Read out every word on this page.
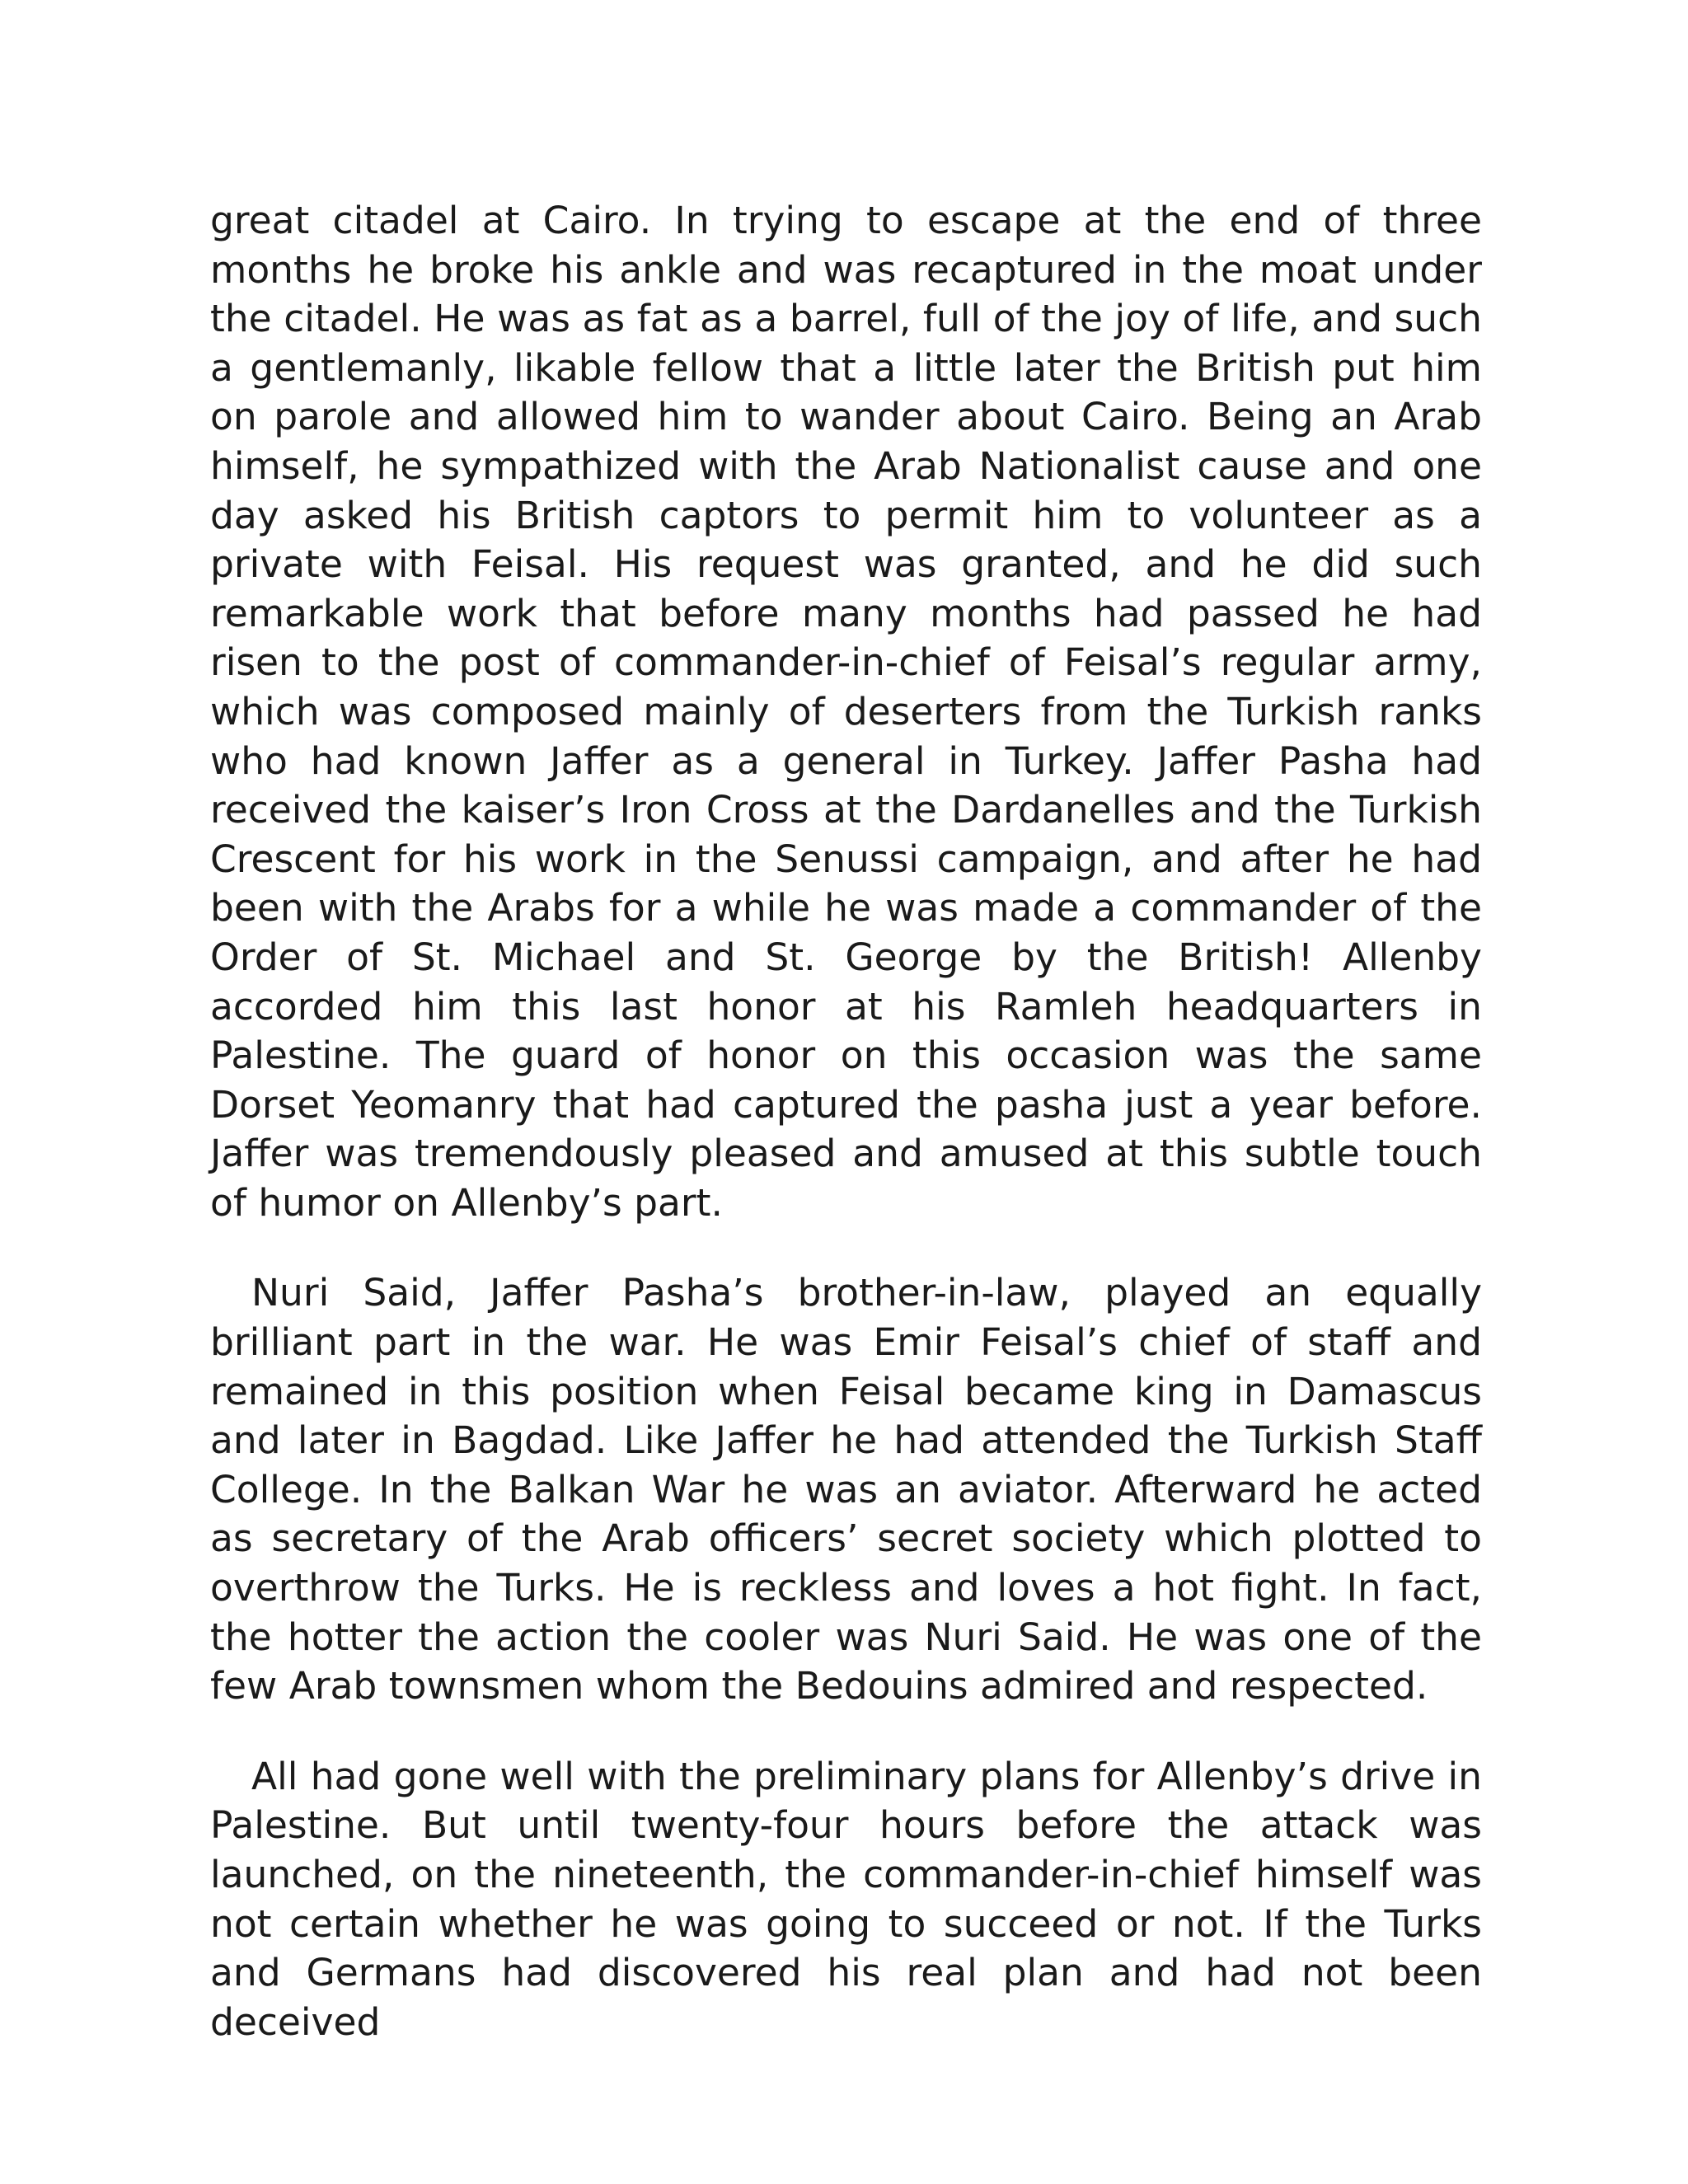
great citadel at Cairo. In trying to escape at the end of three months he broke his ankle and was recaptured in the moat under the citadel. He was as fat as a barrel, full of the joy of life, and such a gentlemanly, likable fellow that a little later the British put him on parole and allowed him to wander about Cairo. Being an Arab himself, he sympathized with the Arab Nationalist cause and one day asked his British captors to permit him to volunteer as a private with Feisal. His request was granted, and he did such remarkable work that before many months had passed he had risen to the post of commander-in-chief of Feisal’s regular army, which was composed mainly of deserters from the Turkish ranks who had known Jaffer as a general in Turkey. Jaffer Pasha had received the kaiser’s Iron Cross at the Dardanelles and the Turkish Crescent for his work in the Senussi campaign, and after he had been with the Arabs for a while he was made a commander of the Order of St. Michael and St. George by the British! Allenby accorded him this last honor at his Ramleh headquarters in Palestine. The guard of honor on this occasion was the same Dorset Yeomanry that had captured the pasha just a year before. Jaffer was tremendously pleased and amused at this subtle touch of humor on Allenby’s part.

Nuri Said, Jaffer Pasha’s brother-in-law, played an equally brilliant part in the war. He was Emir Feisal’s chief of staff and remained in this position when Feisal became king in Damascus and later in Bagdad. Like Jaffer he had attended the Turkish Staff College. In the Balkan War he was an aviator. Afterward he acted as secretary of the Arab officers’ secret society which plotted to overthrow the Turks. He is reckless and loves a hot fight. In fact, the hotter the action the cooler was Nuri Said. He was one of the few Arab townsmen whom the Bedouins admired and respected.

All had gone well with the preliminary plans for Allenby’s drive in Palestine. But until twenty-four hours before the attack was launched, on the nineteenth, the commander-in-chief himself was not certain whether he was going to succeed or not. If the Turks and Germans had discovered his real plan and had not been deceived
